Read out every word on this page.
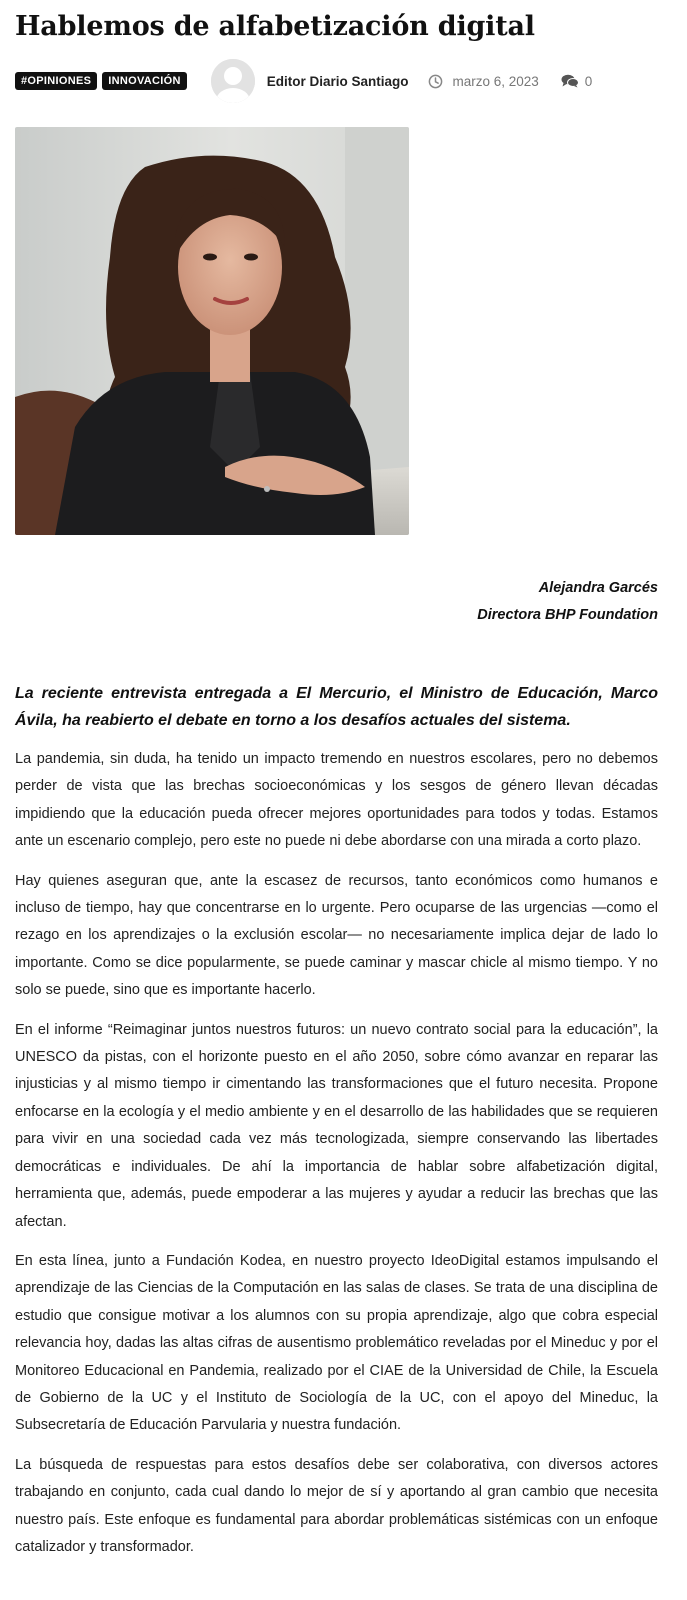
Hablemos de alfabetización digital
#OPINIONES	INNOVACIÓN	Editor Diario Santiago	marzo 6, 2023	0
Alejandra Garcés
Directora BHP Foundation

La reciente entrevista entregada a El Mercurio, el Ministro de Educación, Marco Ávila, ha reabierto el debate en torno a los desafíos actuales del sistema.

La pandemia, sin duda, ha tenido un impacto tremendo en nuestros escolares, pero no debemos perder de vista que las brechas socioeconómicas y los sesgos de género llevan décadas impidiendo que la educación pueda ofrecer mejores oportunidades para todos y todas. Estamos ante un escenario complejo, pero este no puede ni debe abordarse con una mirada a corto plazo.

Hay quienes aseguran que, ante la escasez de recursos, tanto económicos como humanos e incluso de tiempo, hay que concentrarse en lo urgente. Pero ocuparse de las urgencias —como el rezago en los aprendizajes o la exclusión escolar— no necesariamente implica dejar de lado lo importante. Como se dice popularmente, se puede caminar y mascar chicle al mismo tiempo. Y no solo se puede, sino que es importante hacerlo.

En el informe “Reimaginar juntos nuestros futuros: un nuevo contrato social para la educación”, la UNESCO da pistas, con el horizonte puesto en el año 2050, sobre cómo avanzar en reparar las injusticias y al mismo tiempo ir cimentando las transformaciones que el futuro necesita. Propone enfocarse en la ecología y el medio ambiente y en el desarrollo de las habilidades que se requieren para vivir en una sociedad cada vez más tecnologizada, siempre conservando las libertades democráticas e individuales. De ahí la importancia de hablar sobre alfabetización digital, herramienta que, además, puede empoderar a las mujeres y ayudar a reducir las brechas que las afectan.

En esta línea, junto a Fundación Kodea, en nuestro proyecto IdeoDigital estamos impulsando el aprendizaje de las Ciencias de la Computación en las salas de clases. Se trata de una disciplina de estudio que consigue motivar a los alumnos con su propia aprendizaje, algo que cobra especial relevancia hoy, dadas las altas cifras de ausentismo problemático reveladas por el Mineduc y por el Monitoreo Educacional en Pandemia, realizado por el CIAE de la Universidad de Chile, la Escuela de Gobierno de la UC y el Instituto de Sociología de la UC, con el apoyo del Mineduc, la Subsecretaría de Educación Parvularia y nuestra fundación.

La búsqueda de respuestas para estos desafíos debe ser colaborativa, con diversos actores trabajando en conjunto, cada cual dando lo mejor de sí y aportando al gran cambio que necesita nuestro país. Este enfoque es fundamental para abordar problemáticas sistémicas con un enfoque catalizador y transformador.
